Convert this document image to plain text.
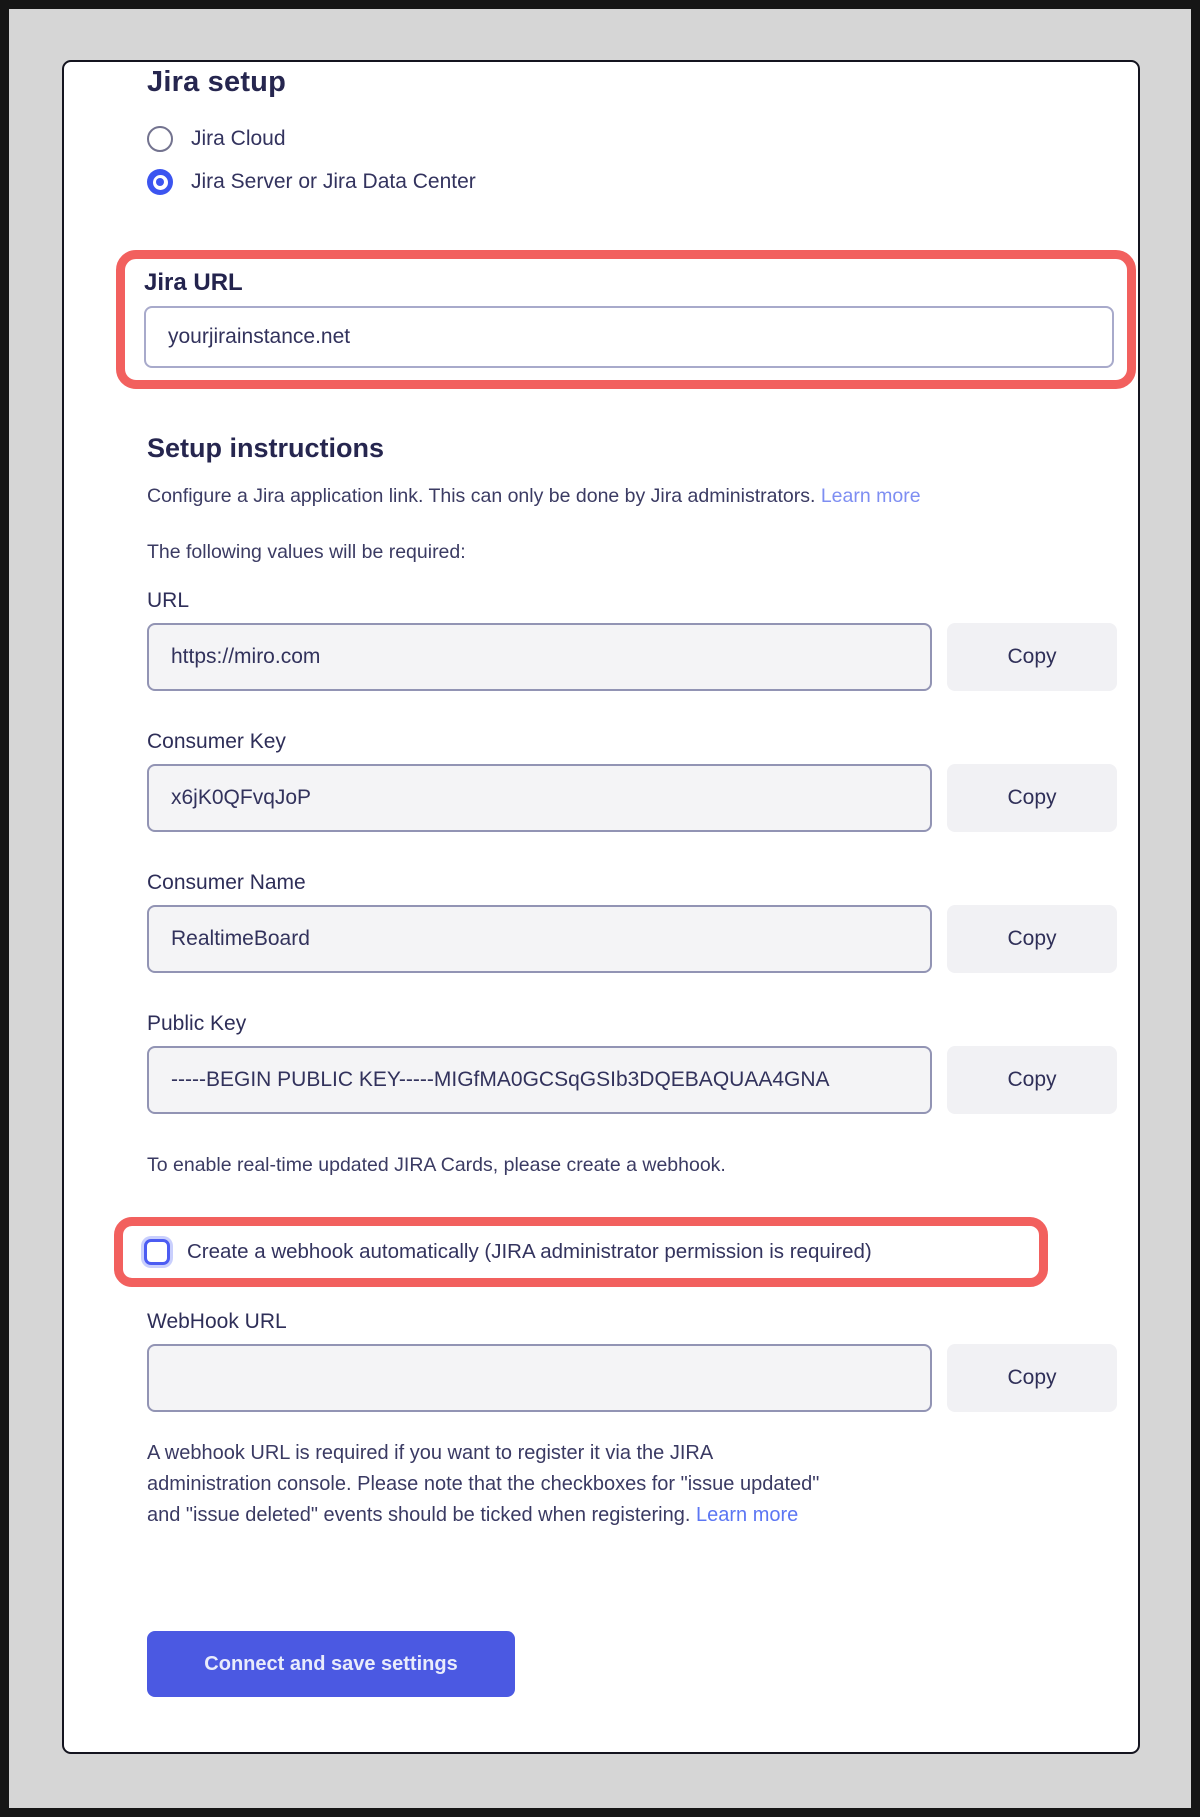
Jira setup
Jira Cloud
Jira Server or Jira Data Center
Jira URL
yourjirainstance.net
Setup instructions

Configure a Jira application link. This can only be done by Jira administrators. Learn more

The following values will be required:

URL
https://miro.com
Copy
Consumer Key
x6jK0QFvqJoP
Copy
Consumer Name
RealtimeBoard
Copy
Public Key
-----BEGIN PUBLIC KEY-----MIGfMA0GCSqGSIb3DQEBAQUAA4GNA
Copy

To enable real-time updated JIRA Cards, please create a webhook.

Create a webhook automatically (JIRA administrator permission is required)
WebHook URL
Copy

A webhook URL is required if you want to register it via the JIRA administration console. Please note that the checkboxes for "issue updated" and "issue deleted" events should be ticked when registering. Learn more

Connect and save settings
